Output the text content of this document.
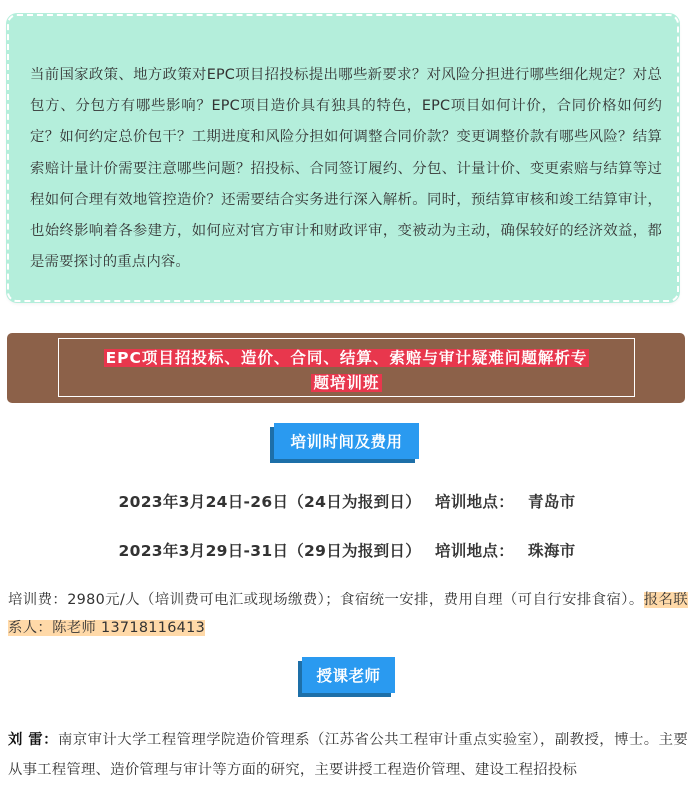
当前国家政策、地方政策对EPC项目招投标提出哪些新要求？对风险分担进行哪些细化规定？对总包方、分包方有哪些影响？EPC项目造价具有独具的特色，EPC项目如何计价，合同价格如何约定？如何约定总价包干？工期进度和风险分担如何调整合同价款？变更调整价款有哪些风险？结算索赔计量计价需要注意哪些问题？招投标、合同签订履约、分包、计量计价、变更索赔与结算等过程如何合理有效地管控造价？还需要结合实务进行深入解析。同时，预结算审核和竣工结算审计，也始终影响着各参建方，如何应对官方审计和财政评审，变被动为主动，确保较好的经济效益，都是需要探讨的重点内容。

EPC项目招投标、造价、合同、结算、索赔与审计疑难问题解析专
题培训班

培训时间及费用

2023年3月24日-26日（24日为报到日） 培训地点： 青岛市

2023年3月29日-31日（29日为报到日） 培训地点： 珠海市

培训费：2980元/人（培训费可电汇或现场缴费）；食宿统一安排，费用自理（可自行安排食宿）。报名联系人：陈老师 13718116413

授课老师

刘 雷：南京审计大学工程管理学院造价管理系（江苏省公共工程审计重点实验室），副教授，博士。主要从事工程管理、造价管理与审计等方面的研究，主要讲授工程造价管理、建设工程招投标
